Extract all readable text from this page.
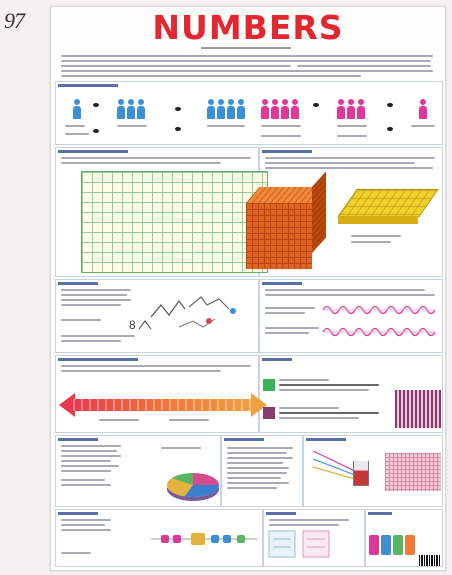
97	NUMBERS
8
